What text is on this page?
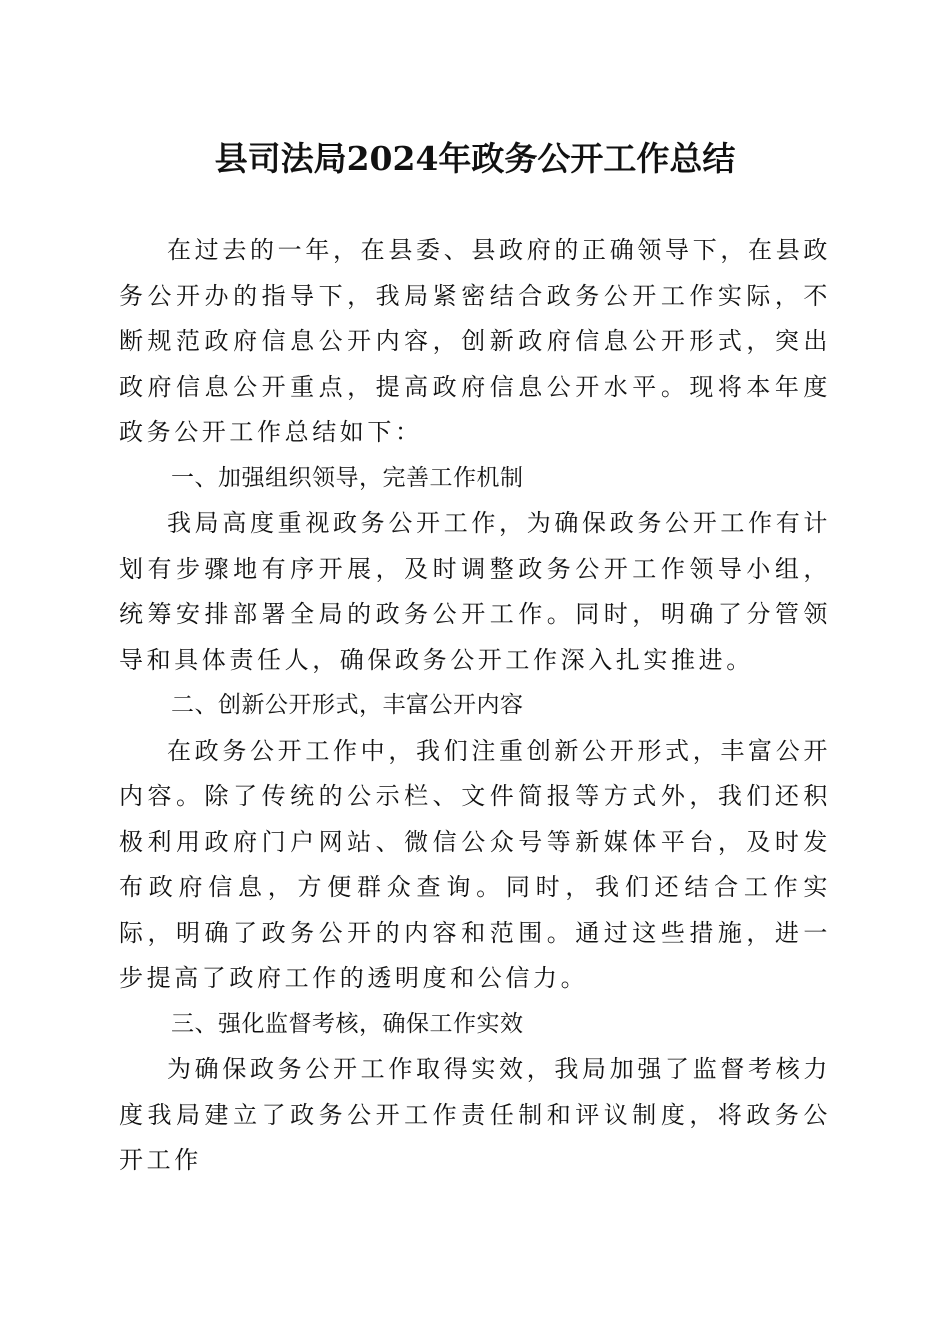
县司法局2024年政务公开工作总结

在过去的一年，在县委、县政府的正确领导下，在县政务公开办的指导下，我局紧密结合政务公开工作实际，不断规范政府信息公开内容，创新政府信息公开形式，突出政府信息公开重点，提高政府信息公开水平。现将本年度政务公开工作总结如下：

一、加强组织领导，完善工作机制

我局高度重视政务公开工作，为确保政务公开工作有计划有步骤地有序开展，及时调整政务公开工作领导小组，统筹安排部署全局的政务公开工作。同时，明确了分管领导和具体责任人，确保政务公开工作深入扎实推进。

二、创新公开形式，丰富公开内容

在政务公开工作中，我们注重创新公开形式，丰富公开内容。除了传统的公示栏、文件简报等方式外，我们还积极利用政府门户网站、微信公众号等新媒体平台，及时发布政府信息，方便群众查询。同时，我们还结合工作实际，明确了政务公开的内容和范围。通过这些措施，进一步提高了政府工作的透明度和公信力。

三、强化监督考核，确保工作实效

为确保政务公开工作取得实效，我局加强了监督考核力度我局建立了政务公开工作责任制和评议制度，将政务公开工作
